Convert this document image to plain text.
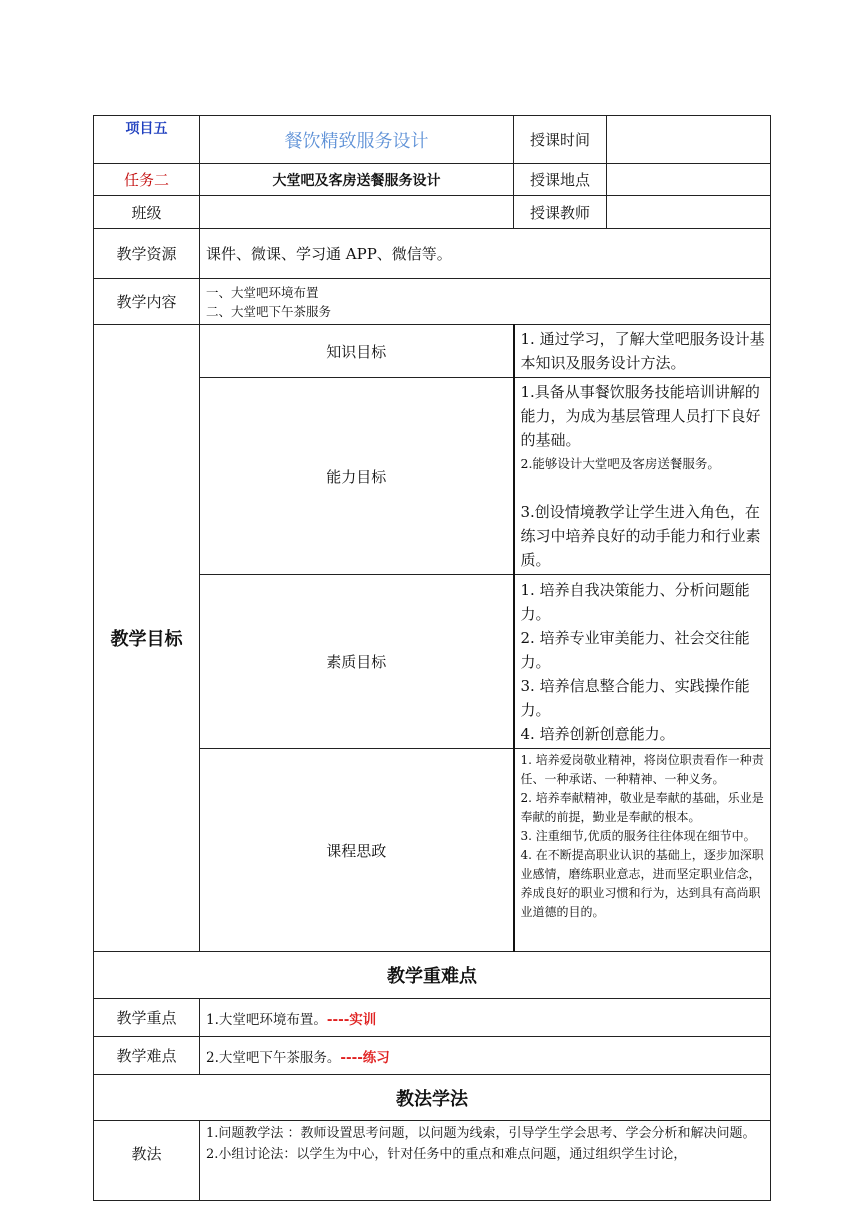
项目五	餐饮精致服务设计	授课时间	
任务二	大堂吧及客房送餐服务设计	授课地点	
班级		授课教师	
教学资源	课件、微课、学习通 APP、微信等。		
教学内容	一、大堂吧环境布置
二、大堂吧下午茶服务		

教学目标	知识目标	1. 通过学习，了解大堂吧服务设计基本知识及服务设计方法。	
	能力目标	1.具备从事餐饮服务技能培训讲解的能力，为成为基层管理人员打下良好的基础。
2.能够设计大堂吧及客房送餐服务。
3.创设情境教学让学生进入角色，在练习中培养良好的动手能力和行业素质。	

	素质目标	1. 培养自我决策能力、分析问题能力。
2. 培养专业审美能力、社会交往能力。
3. 培养信息整合能力、实践操作能力。
4. 培养创新创意能力。	

	课程思政	1. 培养爱岗敬业精神，将岗位职责看作一种责任、一种承诺、一种精神、一种义务。
2. 培养奉献精神，敬业是奉献的基础，乐业是奉献的前提，勤业是奉献的根本。
3. 注重细节,优质的服务往往体现在细节中。
4. 在不断提高职业认识的基础上，逐步加深职业感情，磨练职业意志，进而坚定职业信念，养成良好的职业习惯和行为，达到具有高尚职业道德的目的。	

教学重难点			
教学重点	1.大堂吧环境布置。----实训		
教学难点	2.大堂吧下午茶服务。----练习		
教法学法			
教法	1.问题教学法 ：教师设置思考问题，以问题为线索，引导学生学会思考、学会分析和解决问题。
2.小组讨论法：以学生为中心，针对任务中的重点和难点问题，通过组织学生讨论，		
